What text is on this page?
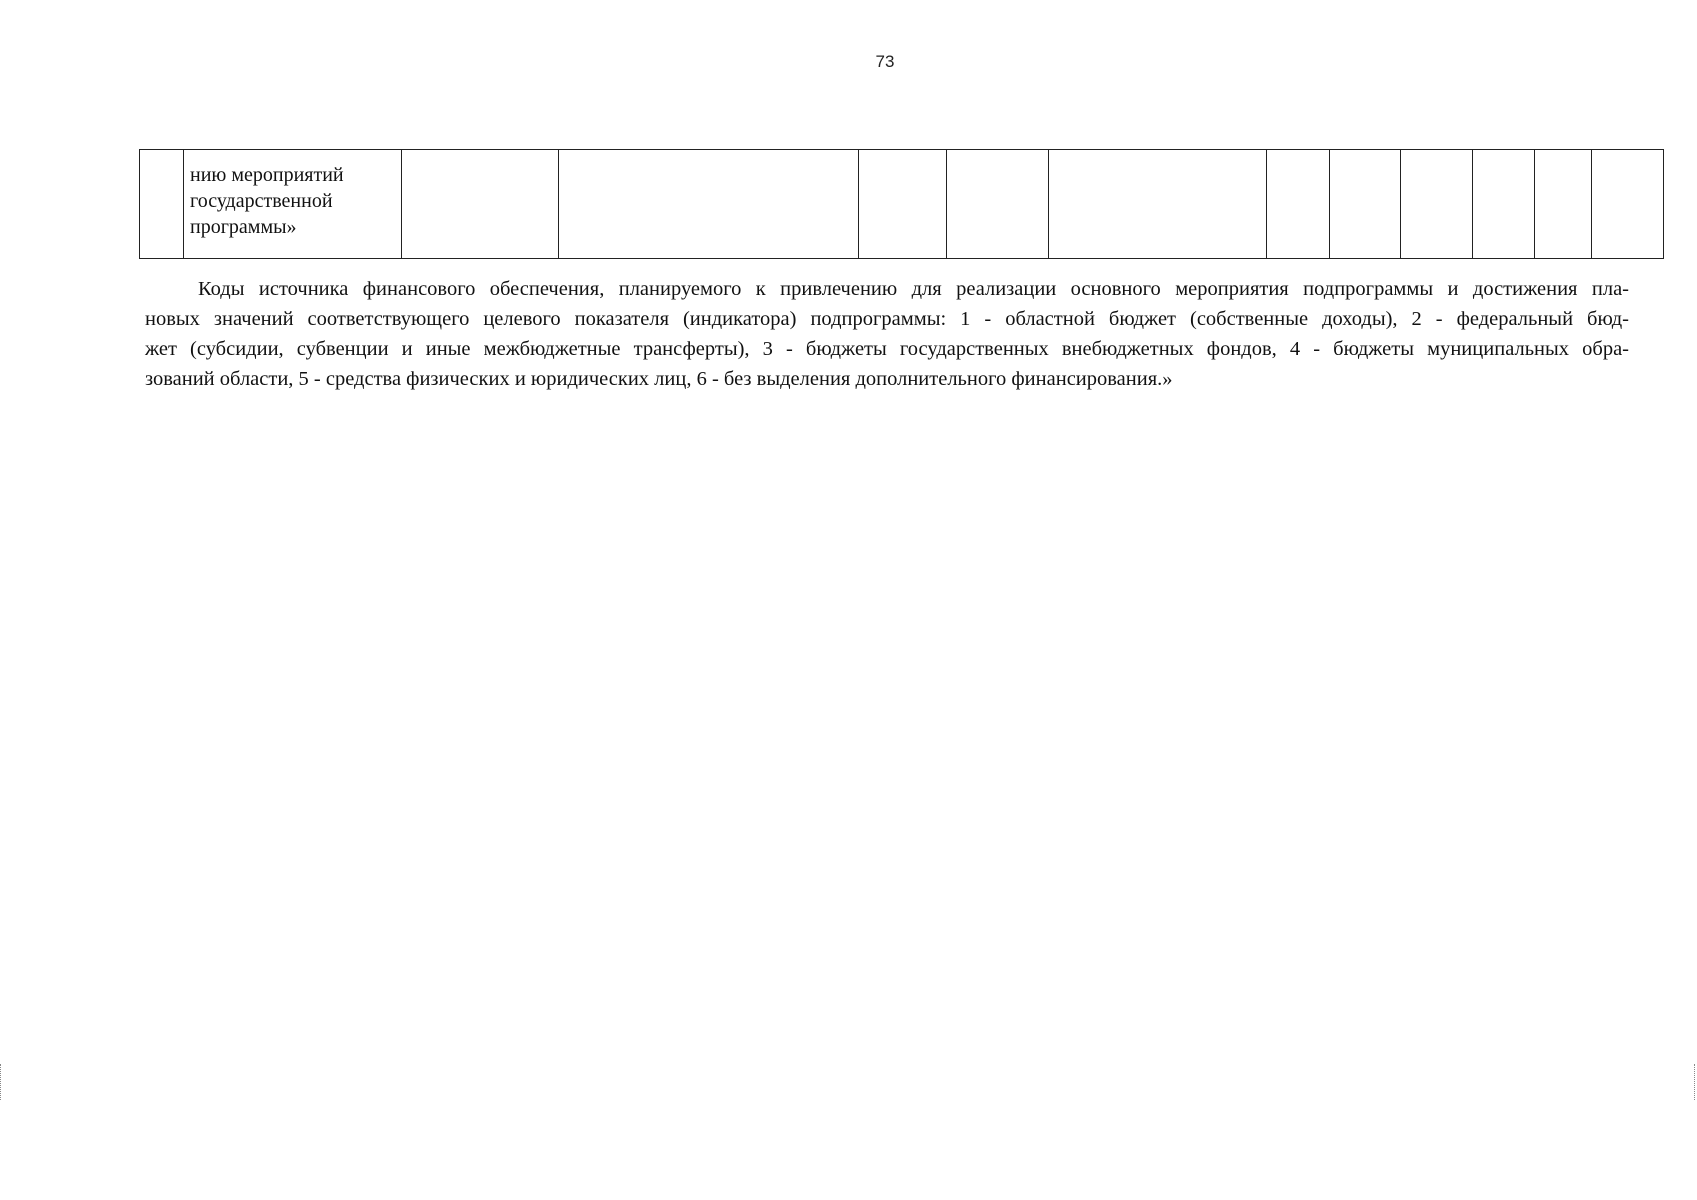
73

нию мероприятий
государственной
программы»

Коды источника финансового обеспечения, планируемого к привлечению для реализации основного мероприятия подпрограммы и достижения пла-
новых значений соответствующего целевого показателя (индикатора) подпрограммы: 1 - областной бюджет (собственные доходы), 2 - федеральный бюд-
жет (субсидии, субвенции и иные межбюджетные трансферты), 3 - бюджеты государственных внебюджетных фондов, 4 - бюджеты муниципальных обра-
зований области, 5 - средства физических и юридических лиц, 6 - без выделения дополнительного финансирования.»
